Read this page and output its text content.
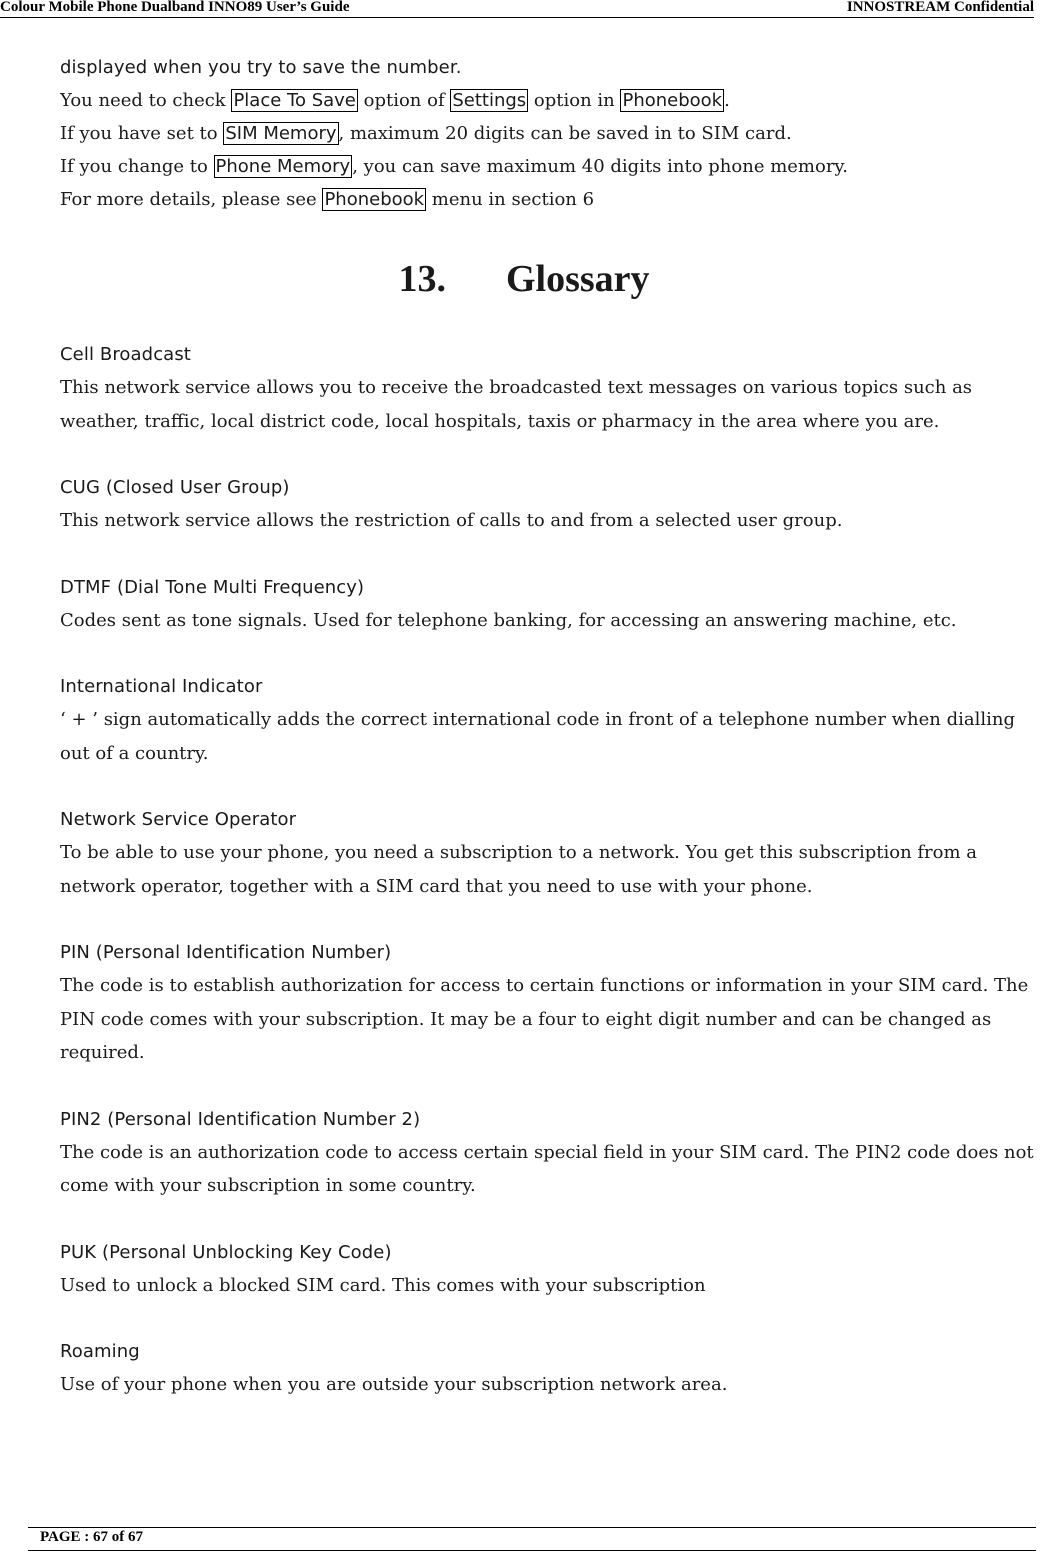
Colour Mobile Phone Dualband INNO89 User’s Guide	INNOSTREAM Confidential
displayed when you try to save the number.
You need to check Place To Save option of Settings option in Phonebook .
If you have set to SIM Memory , maximum 20 digits can be saved in to SIM card.
If you change to Phone Memory , you can save maximum 40 digits into phone memory.
For more details, please see Phonebook menu in section 6
13. Glossary
Cell Broadcast
This network service allows you to receive the broadcasted text messages on various topics such as weather, traffic, local district code, local hospitals, taxis or pharmacy in the area where you are.
CUG (Closed User Group)
This network service allows the restriction of calls to and from a selected user group.
DTMF (Dial Tone Multi Frequency)
Codes sent as tone signals. Used for telephone banking, for accessing an answering machine, etc.
International Indicator
‘ + ’ sign automatically adds the correct international code in front of a telephone number when dialling out of a country.
Network Service Operator
To be able to use your phone, you need a subscription to a network. You get this subscription from a network operator, together with a SIM card that you need to use with your phone.
PIN (Personal Identification Number)
The code is to establish authorization for access to certain functions or information in your SIM card. The PIN code comes with your subscription. It may be a four to eight digit number and can be changed as required.
PIN2 (Personal Identification Number 2)
The code is an authorization code to access certain special field in your SIM card. The PIN2 code does not come with your subscription in some country.
PUK (Personal Unblocking Key Code)
Used to unlock a blocked SIM card. This comes with your subscription
Roaming
Use of your phone when you are outside your subscription network area.
PAGE : 67 of 67
